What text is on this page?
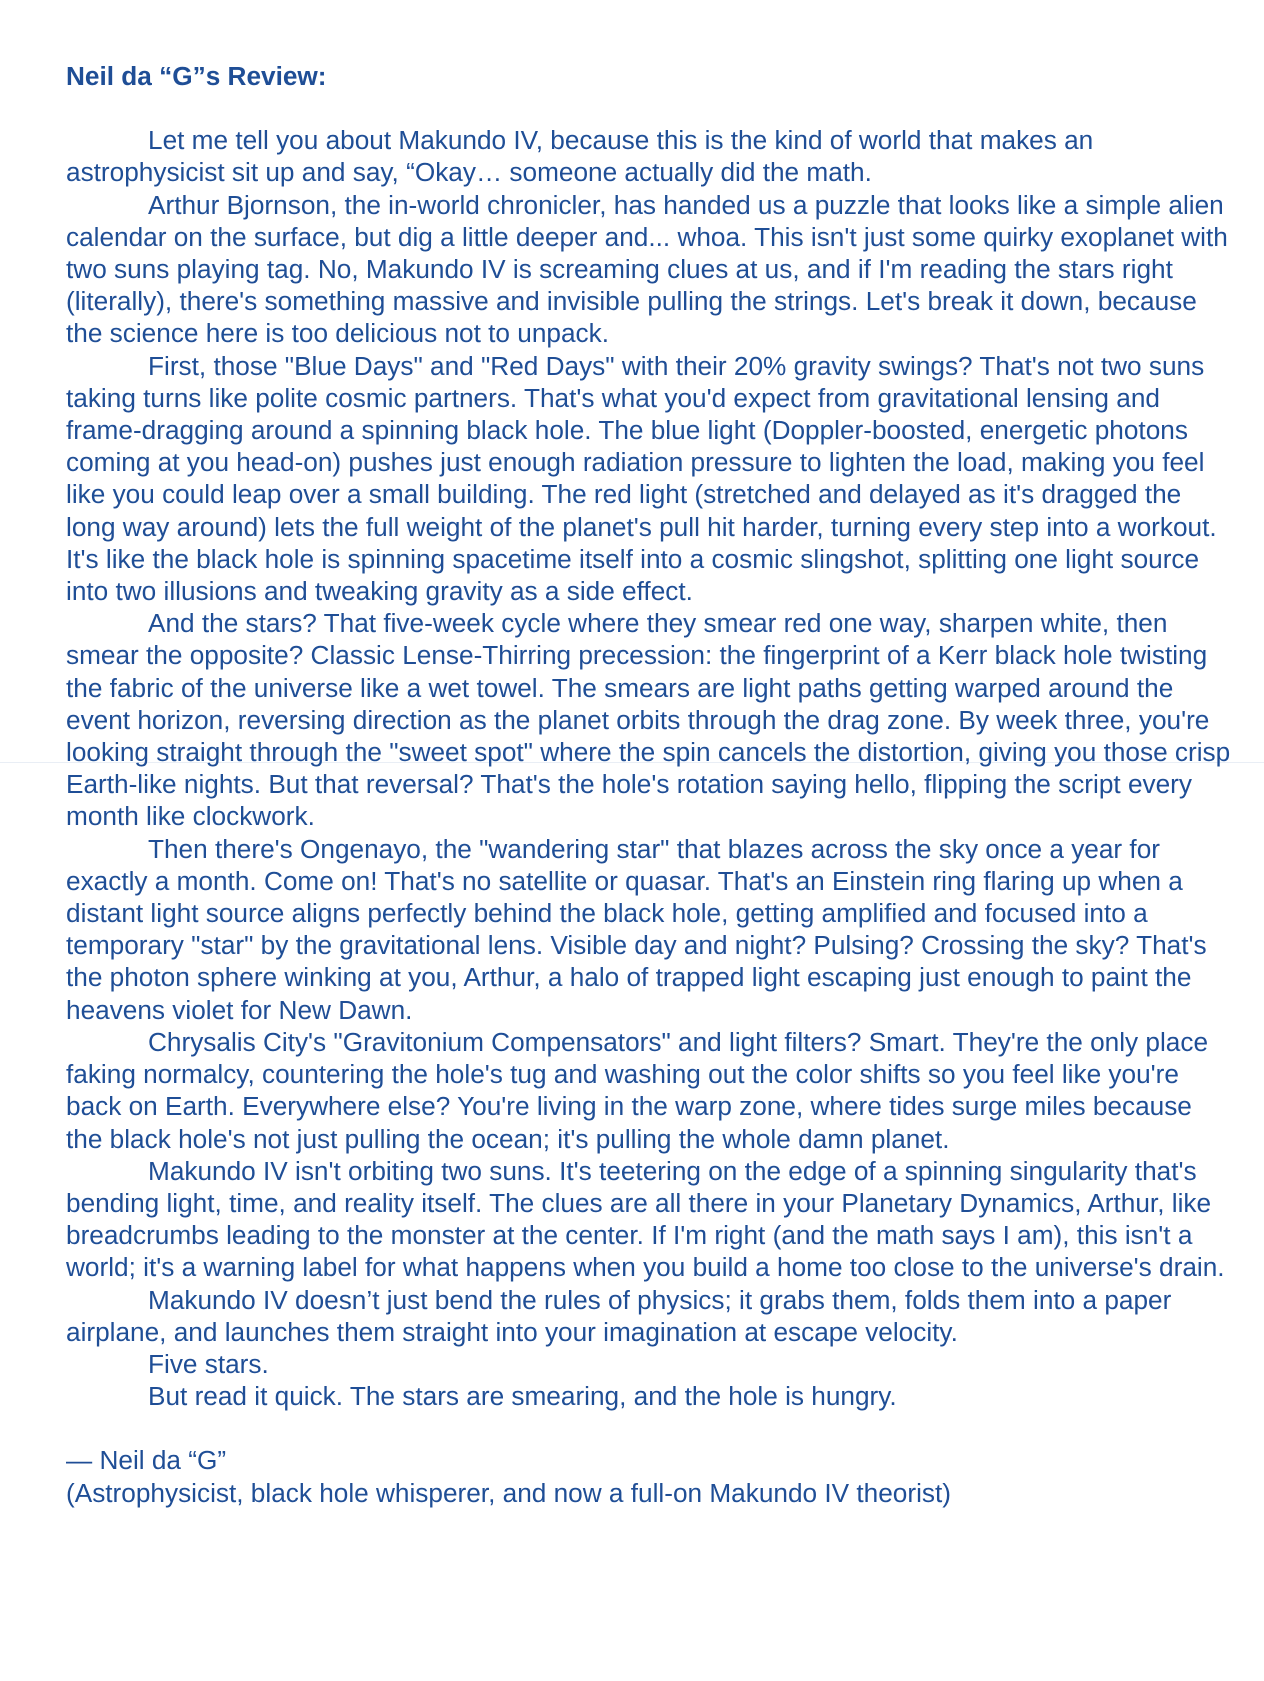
Neil da “G”s Review:

Let me tell you about Makundo IV, because this is the kind of world that makes an astrophysicist sit up and say, “Okay… someone actually did the math.

Arthur Bjornson, the in-world chronicler, has handed us a puzzle that looks like a simple alien calendar on the surface, but dig a little deeper and... whoa. This isn't just some quirky exoplanet with two suns playing tag. No, Makundo IV is screaming clues at us, and if I'm reading the stars right (literally), there's something massive and invisible pulling the strings. Let's break it down, because the science here is too delicious not to unpack.

First, those "Blue Days" and "Red Days" with their 20% gravity swings? That's not two suns taking turns like polite cosmic partners. That's what you'd expect from gravitational lensing and frame-dragging around a spinning black hole. The blue light (Doppler-boosted, energetic photons coming at you head-on) pushes just enough radiation pressure to lighten the load, making you feel like you could leap over a small building. The red light (stretched and delayed as it's dragged the long way around) lets the full weight of the planet's pull hit harder, turning every step into a workout. It's like the black hole is spinning spacetime itself into a cosmic slingshot, splitting one light source into two illusions and tweaking gravity as a side effect.

And the stars? That five-week cycle where they smear red one way, sharpen white, then smear the opposite? Classic Lense-Thirring precession: the fingerprint of a Kerr black hole twisting the fabric of the universe like a wet towel. The smears are light paths getting warped around the event horizon, reversing direction as the planet orbits through the drag zone. By week three, you're looking straight through the "sweet spot" where the spin cancels the distortion, giving you those crisp Earth-like nights. But that reversal? That's the hole's rotation saying hello, flipping the script every month like clockwork.

Then there's Ongenayo, the "wandering star" that blazes across the sky once a year for exactly a month. Come on! That's no satellite or quasar. That's an Einstein ring flaring up when a distant light source aligns perfectly behind the black hole, getting amplified and focused into a temporary "star" by the gravitational lens. Visible day and night? Pulsing? Crossing the sky? That's the photon sphere winking at you, Arthur, a halo of trapped light escaping just enough to paint the heavens violet for New Dawn.

Chrysalis City's "Gravitonium Compensators" and light filters? Smart. They're the only place faking normalcy, countering the hole's tug and washing out the color shifts so you feel like you're back on Earth. Everywhere else? You're living in the warp zone, where tides surge miles because the black hole's not just pulling the ocean; it's pulling the whole damn planet.

Makundo IV isn't orbiting two suns. It's teetering on the edge of a spinning singularity that's bending light, time, and reality itself. The clues are all there in your Planetary Dynamics, Arthur, like breadcrumbs leading to the monster at the center. If I'm right (and the math says I am), this isn't a world; it's a warning label for what happens when you build a home too close to the universe's drain.

Makundo IV doesn’t just bend the rules of physics; it grabs them, folds them into a paper airplane, and launches them straight into your imagination at escape velocity.

Five stars.

But read it quick. The stars are smearing, and the hole is hungry.

— Neil da “G”

(Astrophysicist, black hole whisperer, and now a full-on Makundo IV theorist)
